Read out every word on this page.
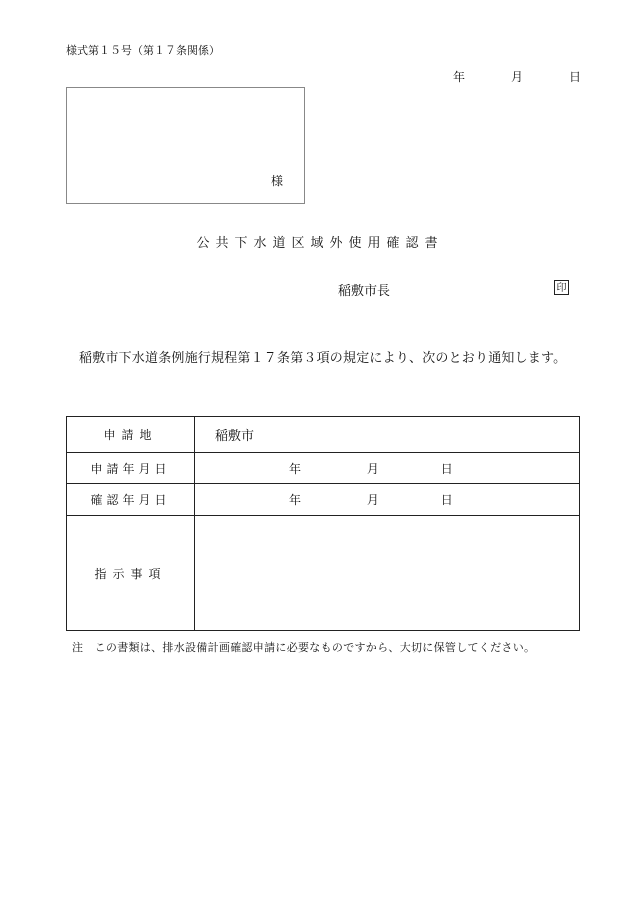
様式第１５号（第１７条関係）
年	月	日
様
公共下水道区域外使用確認書
稲敷市長	印
稲敷市下水道条例施行規程第１７条第３項の規定により、次のとおり通知します。
申請地	稲敷市
申請年月日	年 月 日
確認年月日	年 月 日
指示事項	
注　この書類は、排水設備計画確認申請に必要なものですから、大切に保管してください。
